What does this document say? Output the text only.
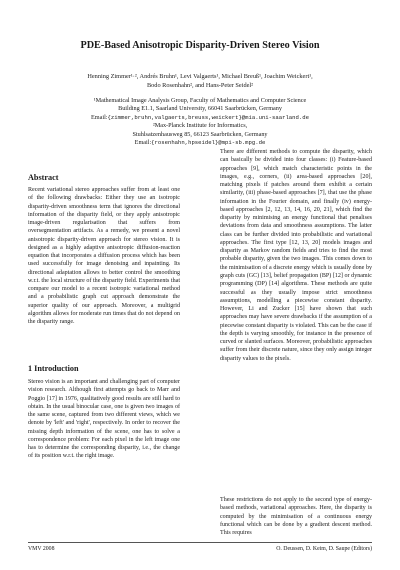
PDE-Based Anisotropic Disparity-Driven Stereo Vision
Henning Zimmer¹·², Andrés Bruhn¹, Levi Valgaerts¹, Michael Breuß¹, Joachim Weickert¹,
Bodo Rosenhahn², and Hans-Peter Seidel²
¹Mathematical Image Analysis Group, Faculty of Mathematics and Computer Science
Building E1.1, Saarland University, 66041 Saarbrücken, Germany
Email:{zimmer,bruhn,valgaerts,breuss,weickert}@mia.uni-saarland.de
²Max-Planck Institute for Informatics,
Stuhlsatzenhausweg 85, 66123 Saarbrücken, Germany
Email:{rosenhahn,hpseidel}@mpi-sb.mpg.de
Abstract
Recent variational stereo approaches suffer from at least one of the following drawbacks: Either they use an isotropic disparity-driven smoothness term that ignores the directional information of the disparity field, or they apply anisotropic image-driven regularisation that suffers from oversegmentation artifacts. As a remedy, we present a novel anisotropic disparity-driven approach for stereo vision. It is designed as a highly adaptive anisotropic diffusion-reaction equation that incorporates a diffusion process which has been used successfully for image denoising and inpainting. Its directional adaptation allows to better control the smoothing w.r.t. the local structure of the disparity field. Experiments that compare our model to a recent isotropic variational method and a probabilistic graph cut approach demonstrate the superior quality of our approach. Moreover, a multigrid algorithm allows for moderate run times that do not depend on the disparity range.
1 Introduction
Stereo vision is an important and challenging part of computer vision research. Although first attempts go back to Marr and Poggio [17] in 1976, qualitatively good results are still hard to obtain. In the usual binocular case, one is given two images of the same scene, captured from two different views, which we denote by 'left' and 'right', respectively. In order to recover the missing depth information of the scene, one has to solve a correspondence problem: For each pixel in the left image one has to determine the corresponding disparity, i.e., the change of its position w.r.t. the right image.
There are different methods to compute the disparity, which can basically be divided into four classes: (i) Feature-based approaches [9], which match characteristic points in the images, e.g., corners, (ii) area-based approaches [20], matching pixels if patches around them exhibit a certain similarity, (iii) phase-based approaches [7], that use the phase information in the Fourier domain, and finally (iv) energy-based approaches [2, 12, 13, 14, 16, 20, 21], which find the disparity by minimising an energy functional that penalises deviations from data and smoothness assumptions. The latter class can be further divided into probabilistic and variational approaches. The first type [12, 13, 20] models images and disparity as Markov random fields and tries to find the most probable disparity, given the two images. This comes down to the minimisation of a discrete energy which is usually done by graph cuts (GC) [13], belief propagation (BP) [12] or dynamic programming (DP) [14] algorithms. These methods are quite successful as they usually impose strict smoothness assumptions, modelling a piecewise constant disparity. However, Li and Zucker [15] have shown that such approaches may have severe drawbacks if the assumption of a piecewise constant disparity is violated. This can be the case if the depth is varying smoothly, for instance in the presence of curved or slanted surfaces. Moreover, probabilistic approaches suffer from their discrete nature, since they only assign integer disparity values to the pixels.
These restrictions do not apply to the second type of energy-based methods, variational approaches. Here, the disparity is computed by the minimisation of a continuous energy functional which can be done by a gradient descent method. This requires
VMV 2008	O. Deussen, D. Keim, D. Saupe (Editors)
